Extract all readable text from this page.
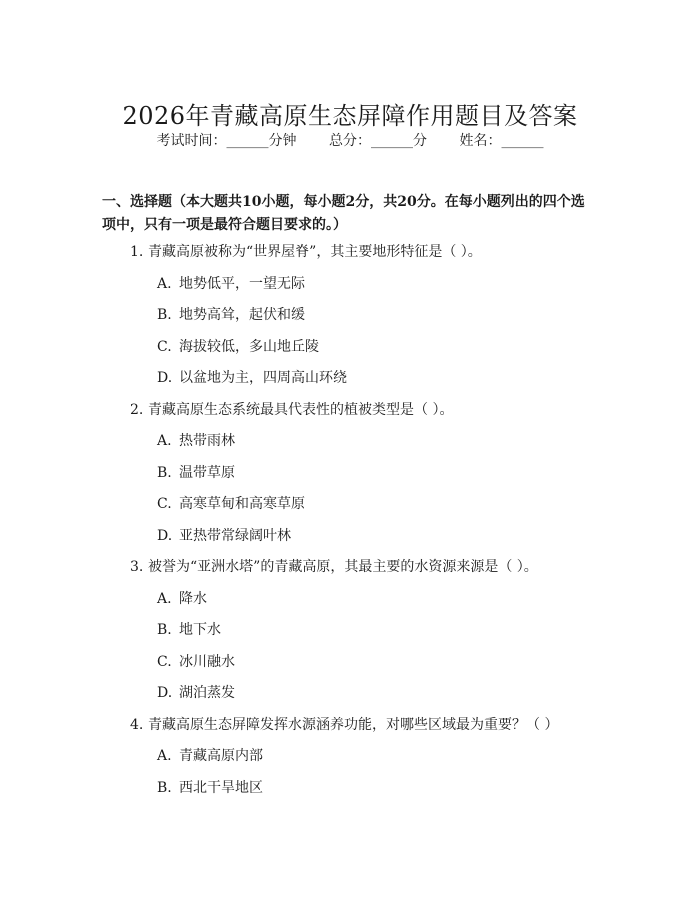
2026年青藏高原生态屏障作用题目及答案
考试时间：______分钟 总分：______分 姓名：______
一、选择题（本大题共10小题，每小题2分，共20分。在每小题列出的四个选
项中，只有一项是最符合题目要求的。）
1. 青藏高原被称为“世界屋脊”，其主要地形特征是（ ）。
A. 地势低平，一望无际
B. 地势高耸，起伏和缓
C. 海拔较低，多山地丘陵
D. 以盆地为主，四周高山环绕
2. 青藏高原生态系统最具代表性的植被类型是（ ）。
A. 热带雨林
B. 温带草原
C. 高寒草甸和高寒草原
D. 亚热带常绿阔叶林
3. 被誉为“亚洲水塔”的青藏高原，其最主要的水资源来源是（ ）。
A. 降水
B. 地下水
C. 冰川融水
D. 湖泊蒸发
4. 青藏高原生态屏障发挥水源涵养功能，对哪些区域最为重要？（ ）
A. 青藏高原内部
B. 西北干旱地区
